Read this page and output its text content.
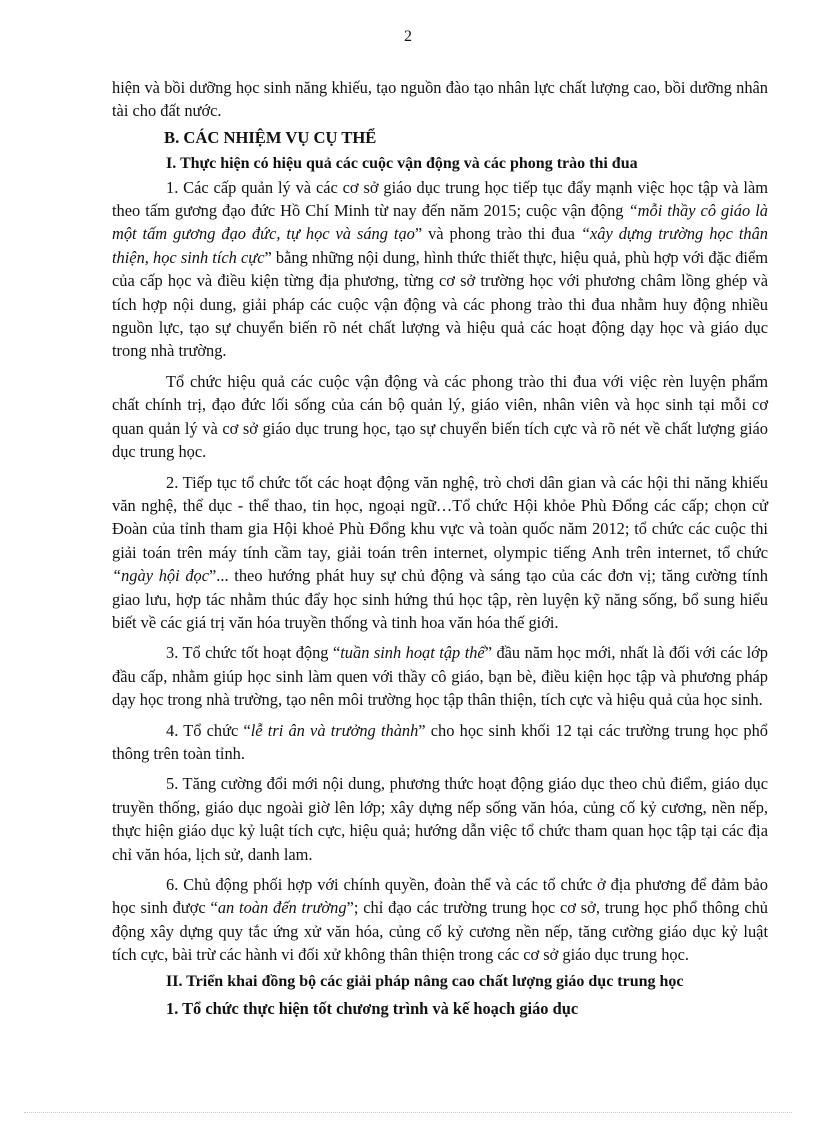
2

hiện và bồi dưỡng học sinh năng khiếu, tạo nguồn đào tạo nhân lực chất lượng cao, bồi dưỡng nhân tài cho đất nước.

B. CÁC NHIỆM VỤ CỤ THỂ

I. Thực hiện có hiệu quả các cuộc vận động và các phong trào thi đua

1. Các cấp quản lý và các cơ sở giáo dục trung học tiếp tục đẩy mạnh việc học tập và làm theo tấm gương đạo đức Hồ Chí Minh từ nay đến năm 2015; cuộc vận động “mỗi thầy cô giáo là một tấm gương đạo đức, tự học và sáng tạo” và phong trào thi đua “xây dựng trường học thân thiện, học sinh tích cực” bằng những nội dung, hình thức thiết thực, hiệu quả, phù hợp với đặc điểm của cấp học và điều kiện từng địa phương, từng cơ sở trường học với phương châm lồng ghép và tích hợp nội dung, giải pháp các cuộc vận động và các phong trào thi đua nhằm huy động nhiều nguồn lực, tạo sự chuyển biến rõ nét chất lượng và hiệu quả các hoạt động dạy học và giáo dục trong nhà trường.

Tổ chức hiệu quả các cuộc vận động và các phong trào thi đua với việc rèn luyện phẩm chất chính trị, đạo đức lối sống của cán bộ quản lý, giáo viên, nhân viên và học sinh tại mỗi cơ quan quản lý và cơ sở giáo dục trung học, tạo sự chuyển biến tích cực và rõ nét về chất lượng giáo dục trung học.

2. Tiếp tục tổ chức tốt các hoạt động văn nghệ, trò chơi dân gian và các hội thi năng khiếu văn nghệ, thể dục - thể thao, tin học, ngoại ngữ…Tổ chức Hội khỏe Phù Đổng các cấp; chọn cử Đoàn của tỉnh tham gia Hội khoẻ Phù Đổng khu vực và toàn quốc năm 2012; tổ chức các cuộc thi giải toán trên máy tính cầm tay, giải toán trên internet, olympic tiếng Anh trên internet, tổ chức “ngày hội đọc”... theo hướng phát huy sự chủ động và sáng tạo của các đơn vị; tăng cường tính giao lưu, hợp tác nhằm thúc đẩy học sinh hứng thú học tập, rèn luyện kỹ năng sống, bổ sung hiểu biết về các giá trị văn hóa truyền thống và tinh hoa văn hóa thế giới.

3. Tổ chức tốt hoạt động “tuần sinh hoạt tập thể” đầu năm học mới, nhất là đối với các lớp đầu cấp, nhằm giúp học sinh làm quen với thầy cô giáo, bạn bè, điều kiện học tập và phương pháp dạy học trong nhà trường, tạo nên môi trường học tập thân thiện, tích cực và hiệu quả của học sinh.

4. Tổ chức “lễ tri ân và trưởng thành” cho học sinh khối 12 tại các trường trung học phổ thông trên toàn tỉnh.

5. Tăng cường đổi mới nội dung, phương thức hoạt động giáo dục theo chủ điểm, giáo dục truyền thống, giáo dục ngoài giờ lên lớp; xây dựng nếp sống văn hóa, củng cố kỷ cương, nền nếp, thực hiện giáo dục kỷ luật tích cực, hiệu quả; hướng dẫn việc tổ chức tham quan học tập tại các địa chỉ văn hóa, lịch sử, danh lam.

6. Chủ động phối hợp với chính quyền, đoàn thể và các tổ chức ở địa phương để đảm bảo học sinh được “an toàn đến trường”; chỉ đạo các trường trung học cơ sở, trung học phổ thông chủ động xây dựng quy tắc ứng xử văn hóa, củng cố kỷ cương nền nếp, tăng cường giáo dục kỷ luật tích cực, bài trừ các hành vi đối xử không thân thiện trong các cơ sở giáo dục trung học.

II. Triển khai đồng bộ các giải pháp nâng cao chất lượng giáo dục trung học

1. Tổ chức thực hiện tốt chương trình và kế hoạch giáo dục
